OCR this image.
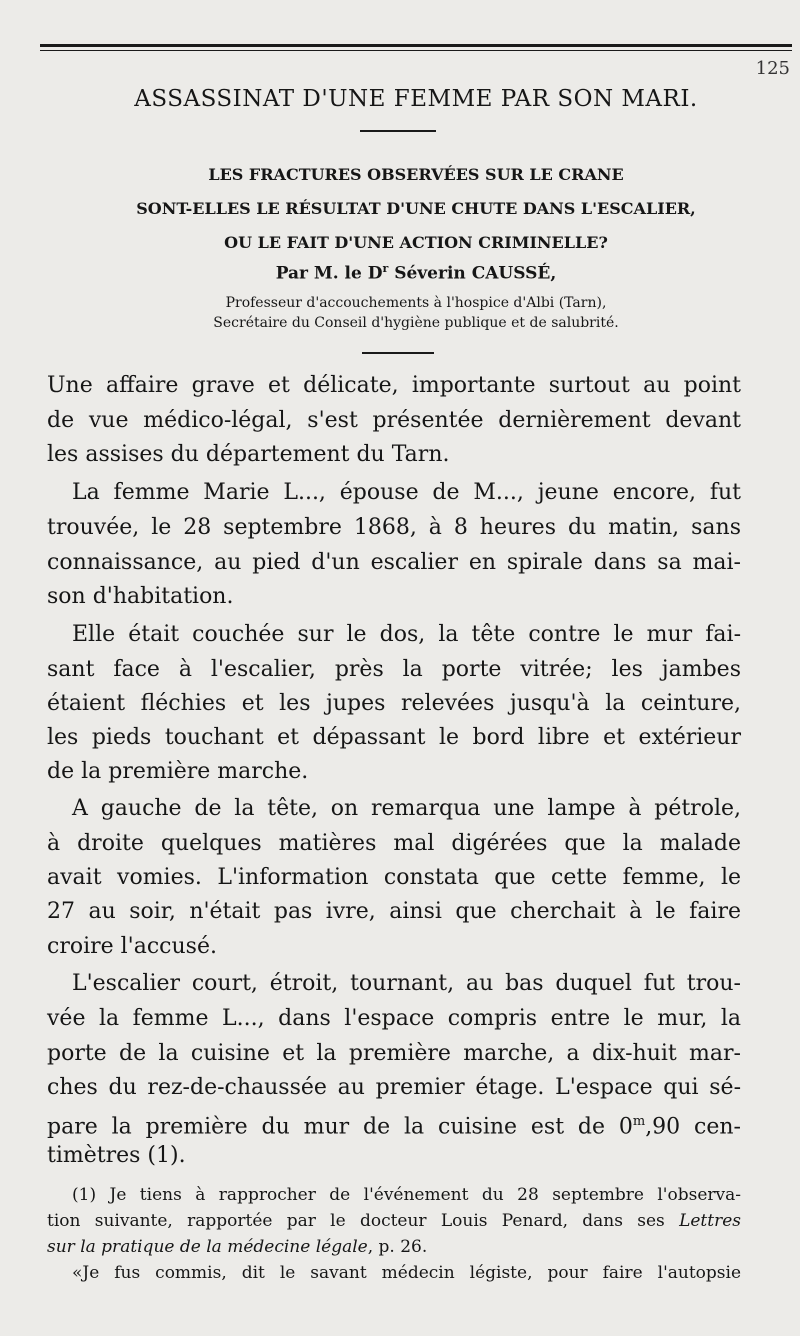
125
ASSASSINAT D'UNE FEMME PAR SON MARI.
LES FRACTURES OBSERVÉES SUR LE CRANE
SONT-ELLES LE RÉSULTAT D'UNE CHUTE DANS L'ESCALIER,
OU LE FAIT D'UNE ACTION CRIMINELLE?
Par M. le $D^r$ Séverin CAUSSÉ,
Professeur d'accouchements à l'hospice d'Albi (Tarn),
Secrétaire du Conseil d'hygiène publique et de salubrité.
Une affaire grave et délicate, importante surtout au point
de vue médico-légal, s'est présentée dernièrement devant
les assises du département du Tarn.
La femme Marie L..., épouse de M..., jeune encore, fut
trouvée, le 28 septembre 1868, à 8 heures du matin, sans
connaissance, au pied d'un escalier en spirale dans sa mai-
son d'habitation.
Elle était couchée sur le dos, la tête contre le mur fai-
sant face à l'escalier, près la porte vitrée; les jambes
étaient fléchies et les jupes relevées jusqu'à la ceinture,
les pieds touchant et dépassant le bord libre et extérieur
de la première marche.
A gauche de la tête, on remarqua une lampe à pétrole,
à droite quelques matières mal digérées que la malade
avait vomies. L'information constata que cette femme, le
27 au soir, n'était pas ivre, ainsi que cherchait à le faire
croire l'accusé.
L'escalier court, étroit, tournant, au bas duquel fut trou-
vée la femme L..., dans l'espace compris entre le mur, la
porte de la cuisine et la première marche, a dix-huit mar-
ches du rez-de-chaussée au premier étage. L'espace qui sé-
pare la première du mur de la cuisine est de 0$^m$,90 cen-
timètres (1).
(1) Je tiens à rapprocher de l'événement du 28 septembre l'observa-
tion suivante, rapportée par le docteur Louis Penard, dans ses Lettres
sur la pratique de la médecine légale, p. 26.
«Je fus commis, dit le savant médecin légiste, pour faire l'autopsie
